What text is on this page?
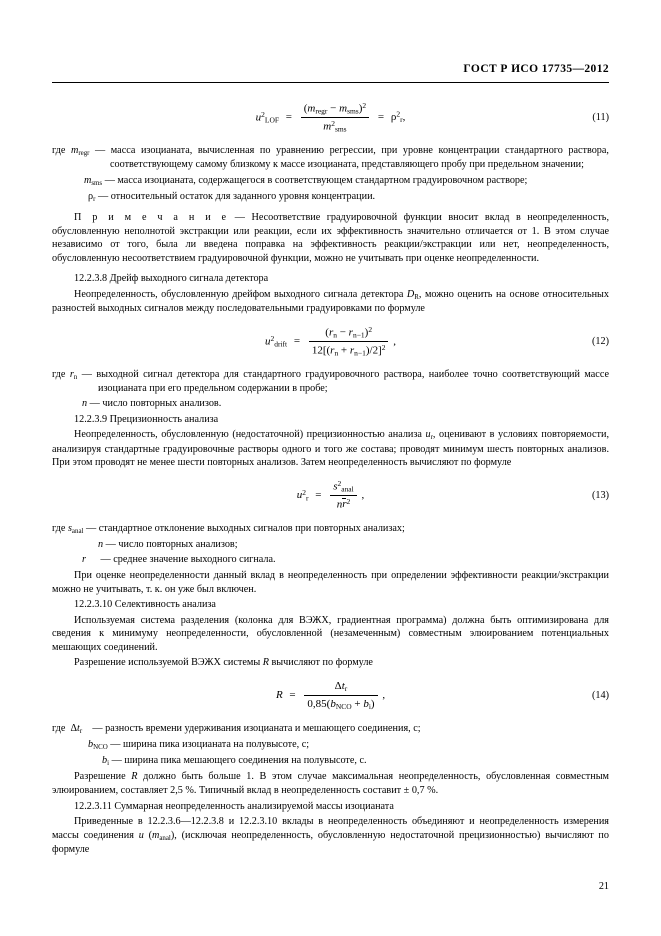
ГОСТ Р ИСО 17735—2012
$u^2_{LOF} = \frac{(m_{regr} - m_{sms})^2}{m^2_{sms}} = \rho^2_r$,	(11)

где $m_{regr}$ — масса изоцианата, вычисленная по уравнению регрессии, при уровне концентрации стандартного раствора, соответствующему самому близкому к массе изоцианата, представляющего пробу при предельном значении;

$m_{sms}$ — масса изоцианата, содержащегося в соответствующем стандартном градуировочном растворе;

$\rho_r$ — относительный остаток для заданного уровня концентрации.

П р и м е ч а н и е — Несоответствие градуировочной функции вносит вклад в неопределенность, обусловленную неполнотой экстракции или реакции, если их эффективность значительно отличается от 1. В этом случае независимо от того, была ли введена поправка на эффективность реакции/экстракции или нет, неопределенность, обусловленную несоответствием градуировочной функции, можно не учитывать при оценке неопределенности.

12.2.3.8 Дрейф выходного сигнала детектора

Неопределенность, обусловленную дрейфом выходного сигнала детектора $D_R$, можно оценить на основе относительных разностей выходных сигналов между последовательными градуировками по формуле

$u^2_{drift} = \frac{(r_n - r_{n-1})^2}{12[(r_n + r_{n-1})/2]^2}$ ,	(12)

где $r_n$ — выходной сигнал детектора для стандартного градуировочного раствора, наиболее точно соответствующий массе изоцианата при его предельном содержании в пробе;

n — число повторных анализов.

12.2.3.9 Прецизионность анализа

Неопределенность, обусловленную (недостаточной) прецизионностью анализа $u_r$, оценивают в условиях повторяемости, анализируя стандартные градуировочные растворы одного и того же состава; проводят минимум шесть повторных анализов. При этом проводят не менее шести повторных анализов. Затем неопределенность вычисляют по формуле

$u^2_r = \frac{s^2_{anal}}{nr^2}$ ,	(13)

где $s_{anal}$ — стандартное отклонение выходных сигналов при повторных анализах;

n — число повторных анализов;

r — среднее значение выходного сигнала.

При оценке неопределенности данный вклад в неопределенность при определении эффективности реакции/экстракции можно не учитывать, т. к. он уже был включен.

12.2.3.10 Селективность анализа

Используемая система разделения (колонка для ВЭЖХ, градиентная программа) должна быть оптимизирована для сведения к минимуму неопределенности, обусловленной (незамеченным) совместным элюированием потенциальных мешающих соединений.

Разрешение используемой ВЭЖХ системы R вычисляют по формуле

$R = \frac{\Delta t_r}{0,85(b_{NCO} + b_i)}$ ,	(14)

где  $\Delta t_r$    — разность времени удерживания изоцианата и мешающего соединения, с;

$b_{NCO}$ — ширина пика изоцианата на полувысоте, с;

$b_i$ — ширина пика мешающего соединения на полувысоте, с.

Разрешение R должно быть больше 1. В этом случае максимальная неопределенность, обусловленная совместным элюированием, составляет 2,5 %. Типичный вклад в неопределенность составит ± 0,7 %.

12.2.3.11 Суммарная неопределенность анализируемой массы изоцианата

Приведенные в 12.2.3.6—12.2.3.8 и 12.2.3.10 вклады в неопределенность объединяют и неопределенность измерения массы соединения u $(m_{anal})$, (исключая неопределенность, обусловленную недостаточной прецизионностью) вычисляют по формуле

21
